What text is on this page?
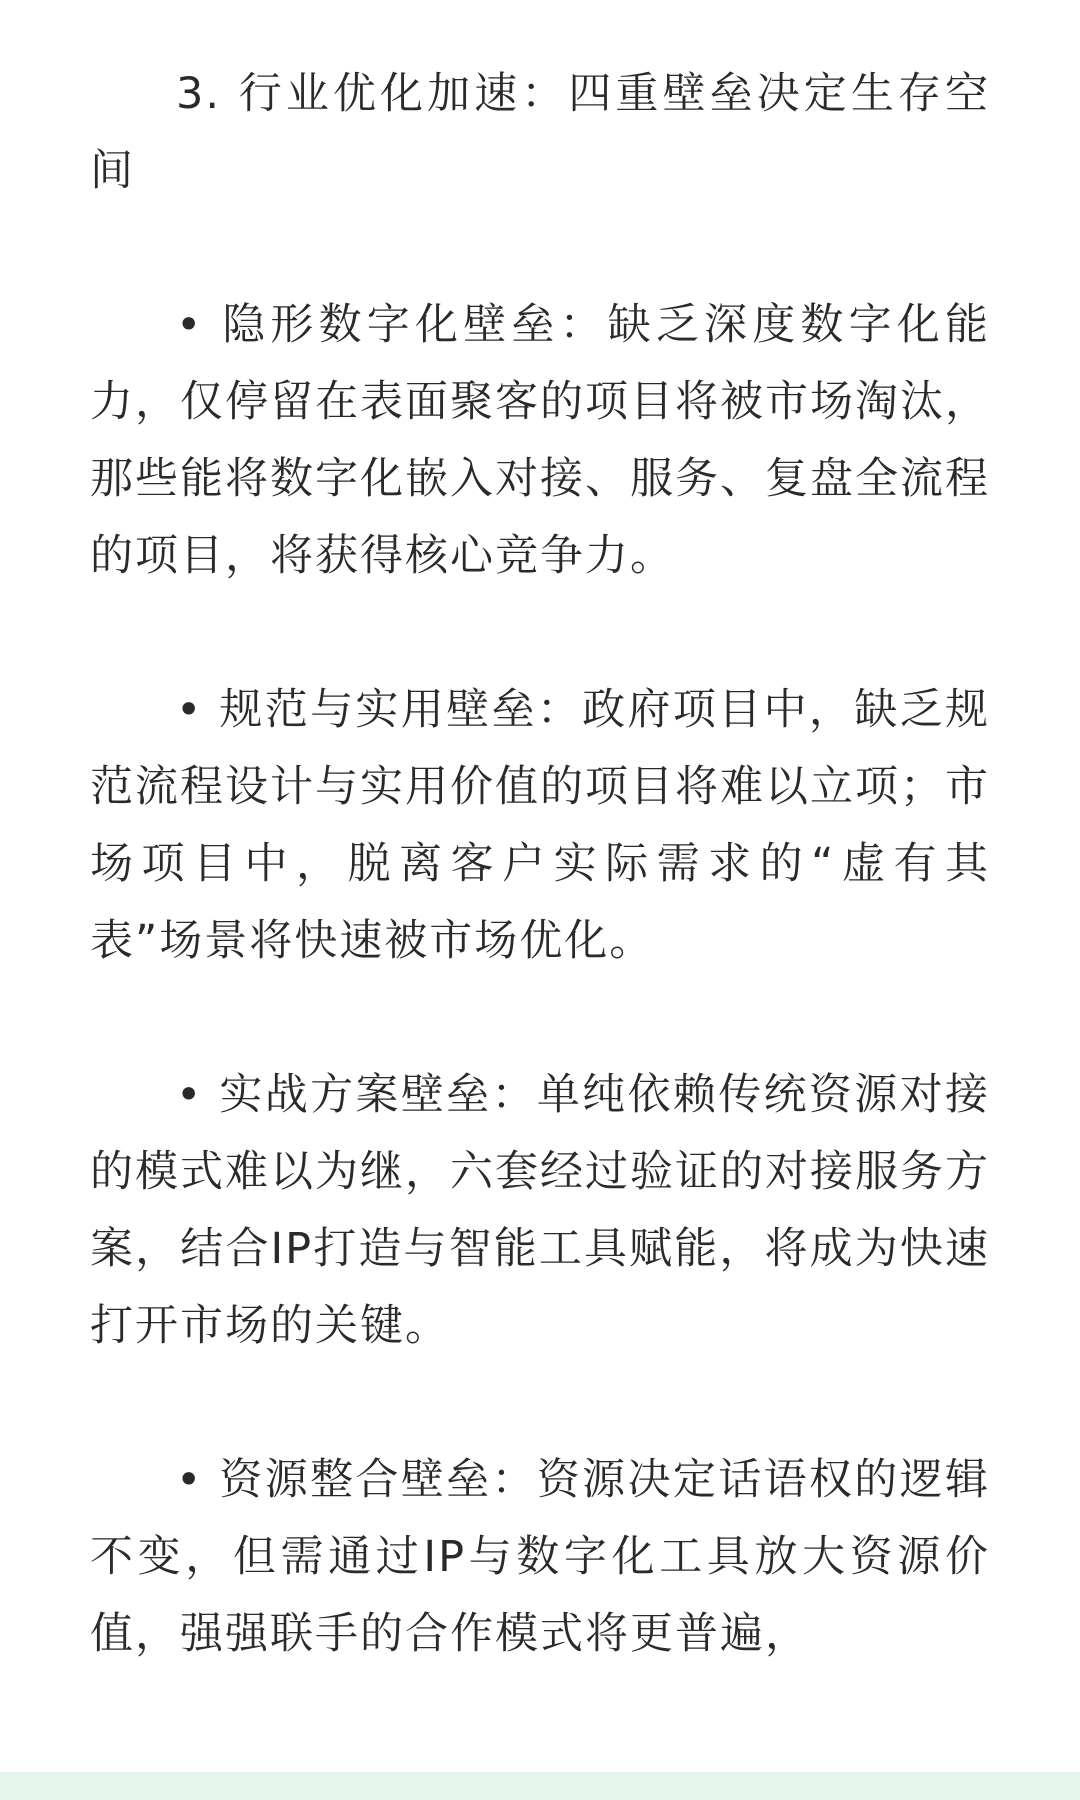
3. 行业优化加速：四重壁垒决定生存空间

• 隐形数字化壁垒：缺乏深度数字化能力，仅停留在表面聚客的项目将被市场淘汰，那些能将数字化嵌入对接、服务、复盘全流程的项目，将获得核心竞争力。

• 规范与实用壁垒：政府项目中，缺乏规范流程设计与实用价值的项目将难以立项；市场项目中，脱离客户实际需求的“虚有其表”场景将快速被市场优化。

• 实战方案壁垒：单纯依赖传统资源对接的模式难以为继，六套经过验证的对接服务方案，结合IP打造与智能工具赋能，将成为快速打开市场的关键。

• 资源整合壁垒：资源决定话语权的逻辑不变，但需通过IP与数字化工具放大资源价值，强强联手的合作模式将更普遍，
